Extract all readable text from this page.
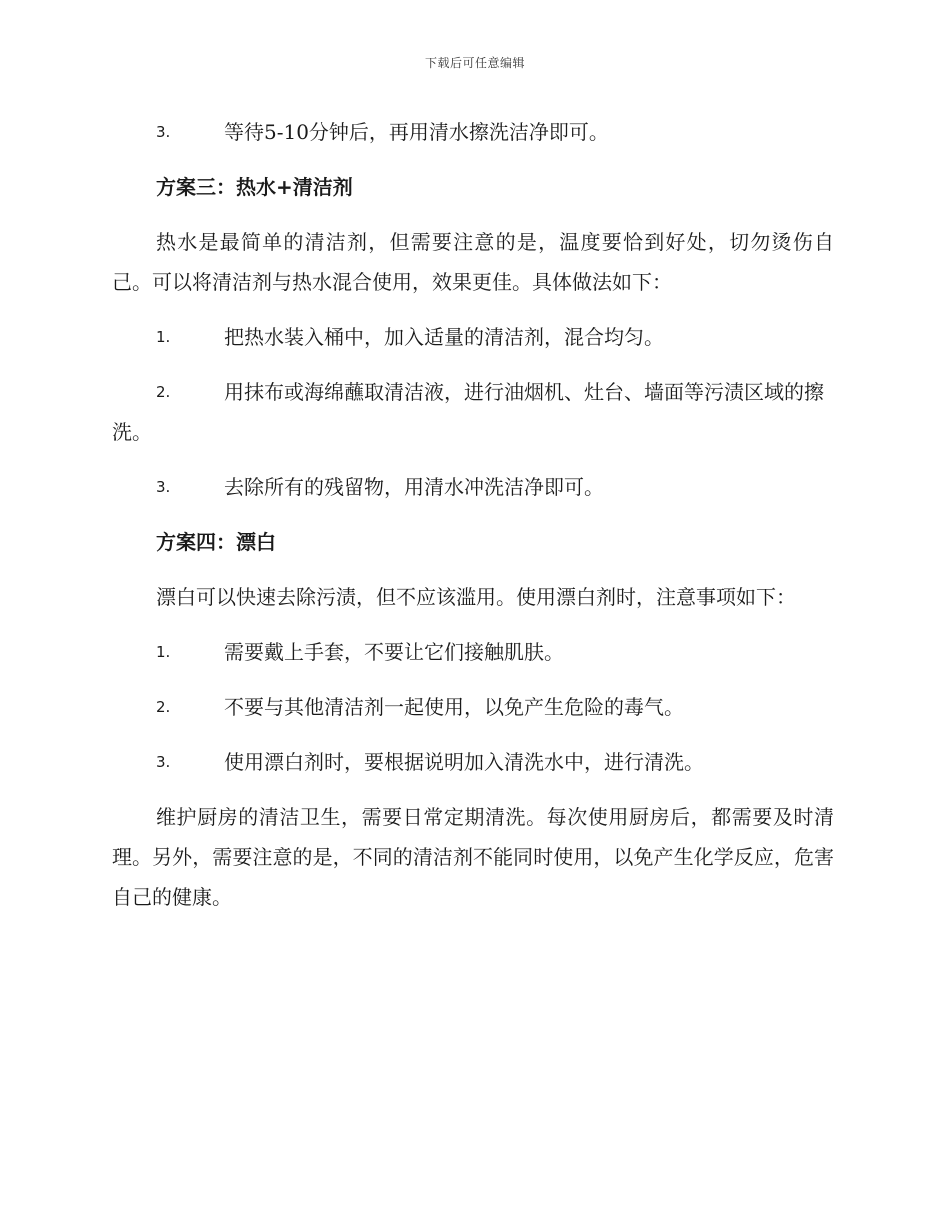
下载后可任意编辑
3.	等待5-10分钟后，再用清水擦洗洁净即可。
方案三：热水+清洁剂
热水是最简单的清洁剂，但需要注意的是，温度要恰到好处，切勿烫伤自己。可以将清洁剂与热水混合使用，效果更佳。具体做法如下：
1.	把热水装入桶中，加入适量的清洁剂，混合均匀。
2.	用抹布或海绵蘸取清洁液，进行油烟机、灶台、墙面等污渍区域的擦洗。
3.	去除所有的残留物，用清水冲洗洁净即可。
方案四：漂白
漂白可以快速去除污渍，但不应该滥用。使用漂白剂时，注意事项如下：
1.	需要戴上手套，不要让它们接触肌肤。
2.	不要与其他清洁剂一起使用，以免产生危险的毒气。
3.	使用漂白剂时，要根据说明加入清洗水中，进行清洗。
维护厨房的清洁卫生，需要日常定期清洗。每次使用厨房后，都需要及时清理。另外，需要注意的是，不同的清洁剂不能同时使用，以免产生化学反应，危害自己的健康。
